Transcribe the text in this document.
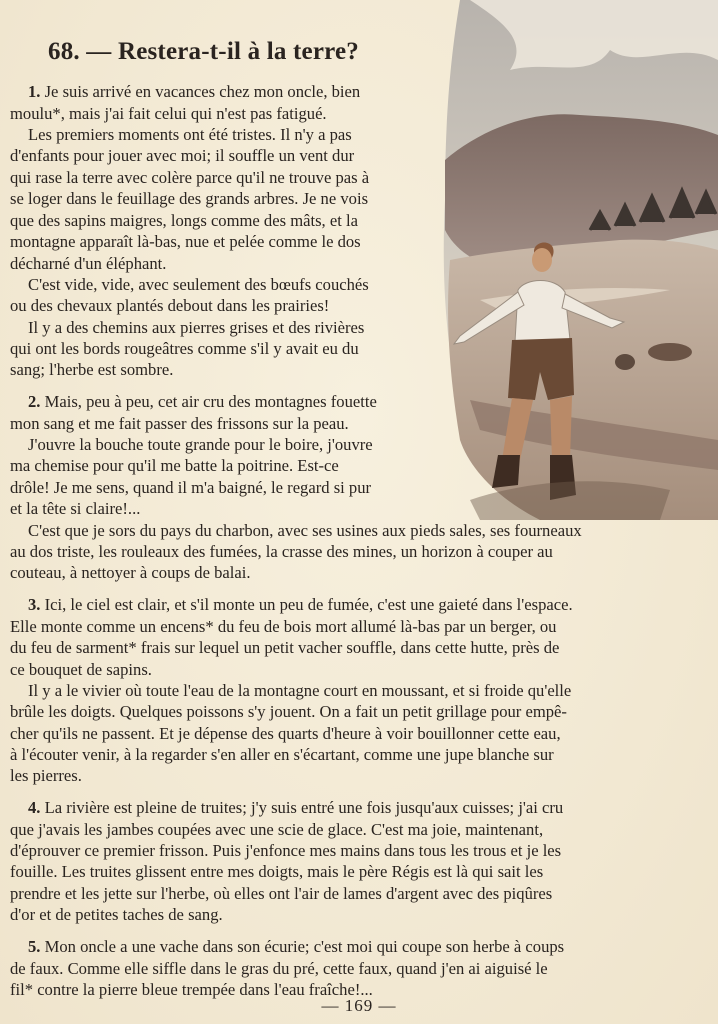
68. — Restera-t-il à la terre?
1. Je suis arrivé en vacances chez mon oncle, bien
moulu*, mais j'ai fait celui qui n'est pas fatigué.
Les premiers moments ont été tristes. Il n'y a pas
d'enfants pour jouer avec moi; il souffle un vent dur
qui rase la terre avec colère parce qu'il ne trouve pas à
se loger dans le feuillage des grands arbres. Je ne vois
que des sapins maigres, longs comme des mâts, et la
montagne apparaît là-bas, nue et pelée comme le dos
décharné d'un éléphant.
C'est vide, vide, avec seulement des bœufs couchés
ou des chevaux plantés debout dans les prairies!
Il y a des chemins aux pierres grises et des rivières
qui ont les bords rougeâtres comme s'il y avait eu du
sang; l'herbe est sombre.
2. Mais, peu à peu, cet air cru des montagnes fouette
mon sang et me fait passer des frissons sur la peau.
J'ouvre la bouche toute grande pour le boire, j'ouvre
ma chemise pour qu'il me batte la poitrine. Est-ce
drôle! Je me sens, quand il m'a baigné, le regard si pur
et la tête si claire!...
C'est que je sors du pays du charbon, avec ses usines aux pieds sales, ses fourneaux
au dos triste, les rouleaux des fumées, la crasse des mines, un horizon à couper au
couteau, à nettoyer à coups de balai.
3. Ici, le ciel est clair, et s'il monte un peu de fumée, c'est une gaieté dans l'espace.
Elle monte comme un encens* du feu de bois mort allumé là-bas par un berger, ou
du feu de sarment* frais sur lequel un petit vacher souffle, dans cette hutte, près de
ce bouquet de sapins.
Il y a le vivier où toute l'eau de la montagne court en moussant, et si froide qu'elle
brûle les doigts. Quelques poissons s'y jouent. On a fait un petit grillage pour empê-
cher qu'ils ne passent. Et je dépense des quarts d'heure à voir bouillonner cette eau,
à l'écouter venir, à la regarder s'en aller en s'écartant, comme une jupe blanche sur
les pierres.
4. La rivière est pleine de truites; j'y suis entré une fois jusqu'aux cuisses; j'ai cru
que j'avais les jambes coupées avec une scie de glace. C'est ma joie, maintenant,
d'éprouver ce premier frisson. Puis j'enfonce mes mains dans tous les trous et je les
fouille. Les truites glissent entre mes doigts, mais le père Régis est là qui sait les
prendre et les jette sur l'herbe, où elles ont l'air de lames d'argent avec des piqûres
d'or et de petites taches de sang.
5. Mon oncle a une vache dans son écurie; c'est moi qui coupe son herbe à coups
de faux. Comme elle siffle dans le gras du pré, cette faux, quand j'en ai aiguisé le
fil* contre la pierre bleue trempée dans l'eau fraîche!...
— 169 —
